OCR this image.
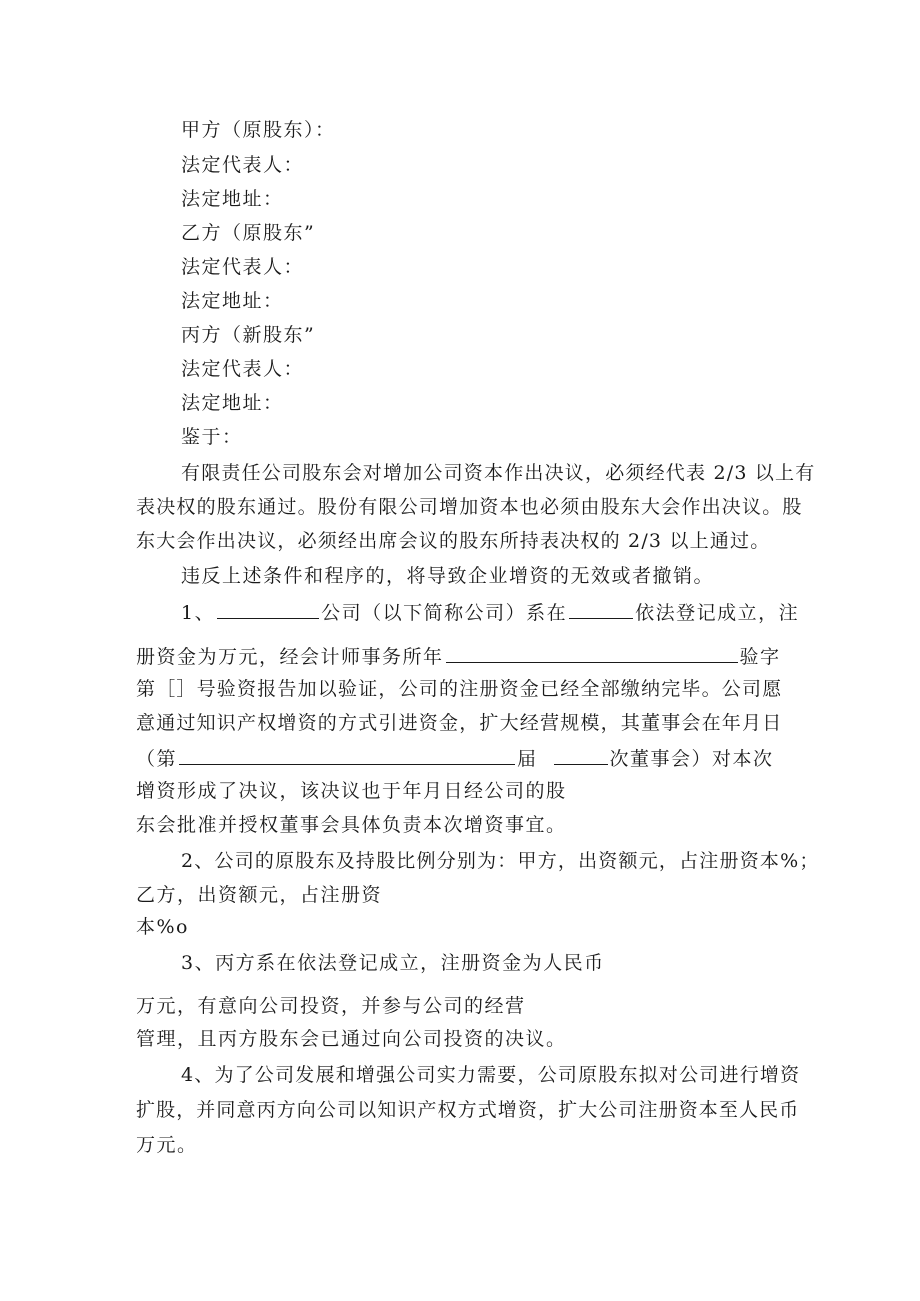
甲方（原股东）：
法定代表人：
法定地址：
乙方（原股东”
法定代表人：
法定地址：
丙方（新股东”
法定代表人：
法定地址：
鉴于：
有限责任公司股东会对增加公司资本作出决议，必须经代表 2/3 以上有
表决权的股东通过。股份有限公司增加资本也必须由股东大会作出决议。股
东大会作出决议，必须经出席会议的股东所持表决权的 2/3 以上通过。
违反上述条件和程序的，将导致企业增资的无效或者撤销。
1、	公司（以下简称公司）系在	依法登记成立，注
册资金为万元，经会计师事务所年	验字
第［］号验资报告加以验证，公司的注册资金已经全部缴纳完毕。公司愿
意通过知识产权增资的方式引进资金，扩大经营规模，其董事会在年月日
（第	届	次董事会）对本次
增资形成了决议，该决议也于年月日经公司的股
东会批准并授权董事会具体负责本次增资事宜。
2、公司的原股东及持股比例分别为：甲方，出资额元，占注册资本%；
乙方，出资额元，占注册资
本%o
3、丙方系在依法登记成立，注册资金为人民币
万元，有意向公司投资，并参与公司的经营
管理，且丙方股东会已通过向公司投资的决议。
4、为了公司发展和增强公司实力需要，公司原股东拟对公司进行增资
扩股，并同意丙方向公司以知识产权方式增资，扩大公司注册资本至人民币
万元。
